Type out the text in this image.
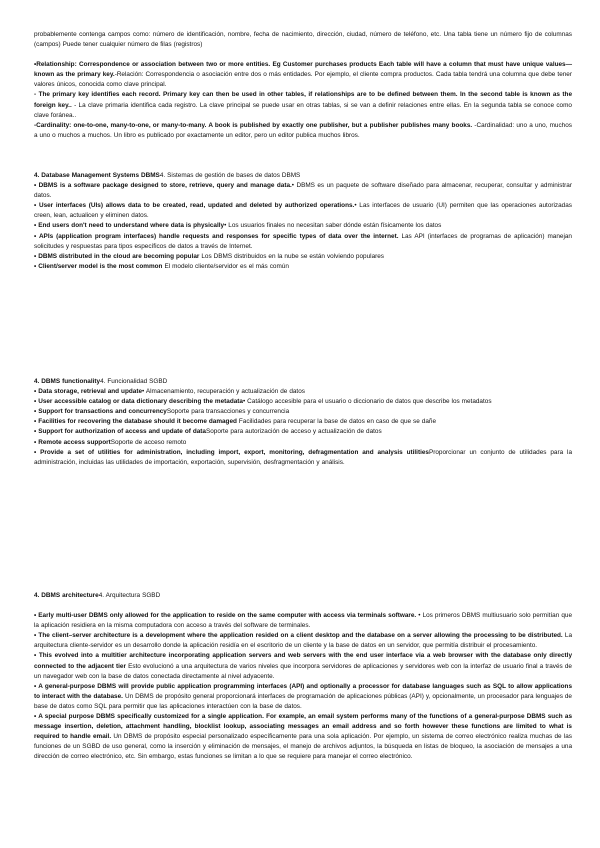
probablemente contenga campos como: número de identificación, nombre, fecha de nacimiento, dirección, ciudad, número de teléfono, etc. Una tabla tiene un número fijo de columnas (campos) Puede tener cualquier número de filas (registros)

•Relationship: Correspondence or association between two or more entities. Eg Customer purchases products Each table will have a column that must have unique values—known as the primary key.-Relación: Correspondencia o asociación entre dos o más entidades. Por ejemplo, el cliente compra productos. Cada tabla tendrá una columna que debe tener valores únicos, conocida como clave principal.

- The primary key identifies each record. Primary key can then be used in other tables, if relationships are to be defined between them. In the second table is known as the foreign key.. - La clave primaria identifica cada registro. La clave principal se puede usar en otras tablas, si se van a definir relaciones entre ellas. En la segunda tabla se conoce como clave foránea..

-Cardinality: one-to-one, many-to-one, or many-to-many. A book is published by exactly one publisher, but a publisher publishes many books. -Cardinalidad: uno a uno, muchos a uno o muchos a muchos. Un libro es publicado por exactamente un editor, pero un editor publica muchos libros.

4. Database Management Systems DBMS4. Sistemas de gestión de bases de datos DBMS

• DBMS is a software package designed to store, retrieve, query and manage data.• DBMS es un paquete de software diseñado para almacenar, recuperar, consultar y administrar datos.

• User interfaces (UIs) allows data to be created, read, updated and deleted by authorized operations.• Las interfaces de usuario (UI) permiten que las operaciones autorizadas creen, lean, actualicen y eliminen datos.

• End users don't need to understand where data is physically• Los usuarios finales no necesitan saber dónde están físicamente los datos

• APIs (application program interfaces) handle requests and responses for specific types of data over the internet. Las API (interfaces de programas de aplicación) manejan solicitudes y respuestas para tipos específicos de datos a través de Internet.

• DBMS distributed in the cloud are becoming popular Los DBMS distribuidos en la nube se están volviendo populares

• Client/server model is the most common El modelo cliente/servidor es el más común

4. DBMS functionality4. Funcionalidad SGBD

• Data storage, retrieval and update• Almacenamiento, recuperación y actualización de datos

• User accessible catalog or data dictionary describing the metadata• Catálogo accesible para el usuario o diccionario de datos que describe los metadatos

• Support for transactions and concurrencySoporte para transacciones y concurrencia

• Facilities for recovering the database should it become damaged Facilidades para recuperar la base de datos en caso de que se dañe

• Support for authorization of access and update of dataSoporte para autorización de acceso y actualización de datos

• Remote access supportSoporte de acceso remoto

• Provide a set of utilities for administration, including import, export, monitoring, defragmentation and analysis utilitiesProporcionar un conjunto de utilidades para la administración, incluidas las utilidades de importación, exportación, supervisión, desfragmentación y análisis.

4. DBMS architecture4. Arquitectura SGBD

• Early multi-user DBMS only allowed for the application to reside on the same computer with access via terminals software. • Los primeros DBMS multiusuario solo permitían que la aplicación residiera en la misma computadora con acceso a través del software de terminales.

• The client–server architecture is a development where the application resided on a client desktop and the database on a server allowing the processing to be distributed. La arquitectura cliente-servidor es un desarrollo donde la aplicación residía en el escritorio de un cliente y la base de datos en un servidor, que permitía distribuir el procesamiento.

• This evolved into a multitier architecture incorporating application servers and web servers with the end user interface via a web browser with the database only directly connected to the adjacent tier Esto evolucionó a una arquitectura de varios niveles que incorpora servidores de aplicaciones y servidores web con la interfaz de usuario final a través de un navegador web con la base de datos conectada directamente al nivel adyacente.

• A general-purpose DBMS will provide public application programming interfaces (API) and optionally a processor for database languages such as SQL to allow applications to interact with the database. Un DBMS de propósito general proporcionará interfaces de programación de aplicaciones públicas (API) y, opcionalmente, un procesador para lenguajes de base de datos como SQL para permitir que las aplicaciones interactúen con la base de datos.

• A special purpose DBMS specifically customized for a single application. For example, an email system performs many of the functions of a general-purpose DBMS such as message insertion, deletion, attachment handling, blocklist lookup, associating messages an email address and so forth however these functions are limited to what is required to handle email. Un DBMS de propósito especial personalizado específicamente para una sola aplicación. Por ejemplo, un sistema de correo electrónico realiza muchas de las funciones de un SGBD de uso general, como la inserción y eliminación de mensajes, el manejo de archivos adjuntos, la búsqueda en listas de bloqueo, la asociación de mensajes a una dirección de correo electrónico, etc. Sin embargo, estas funciones se limitan a lo que se requiere para manejar el correo electrónico.
